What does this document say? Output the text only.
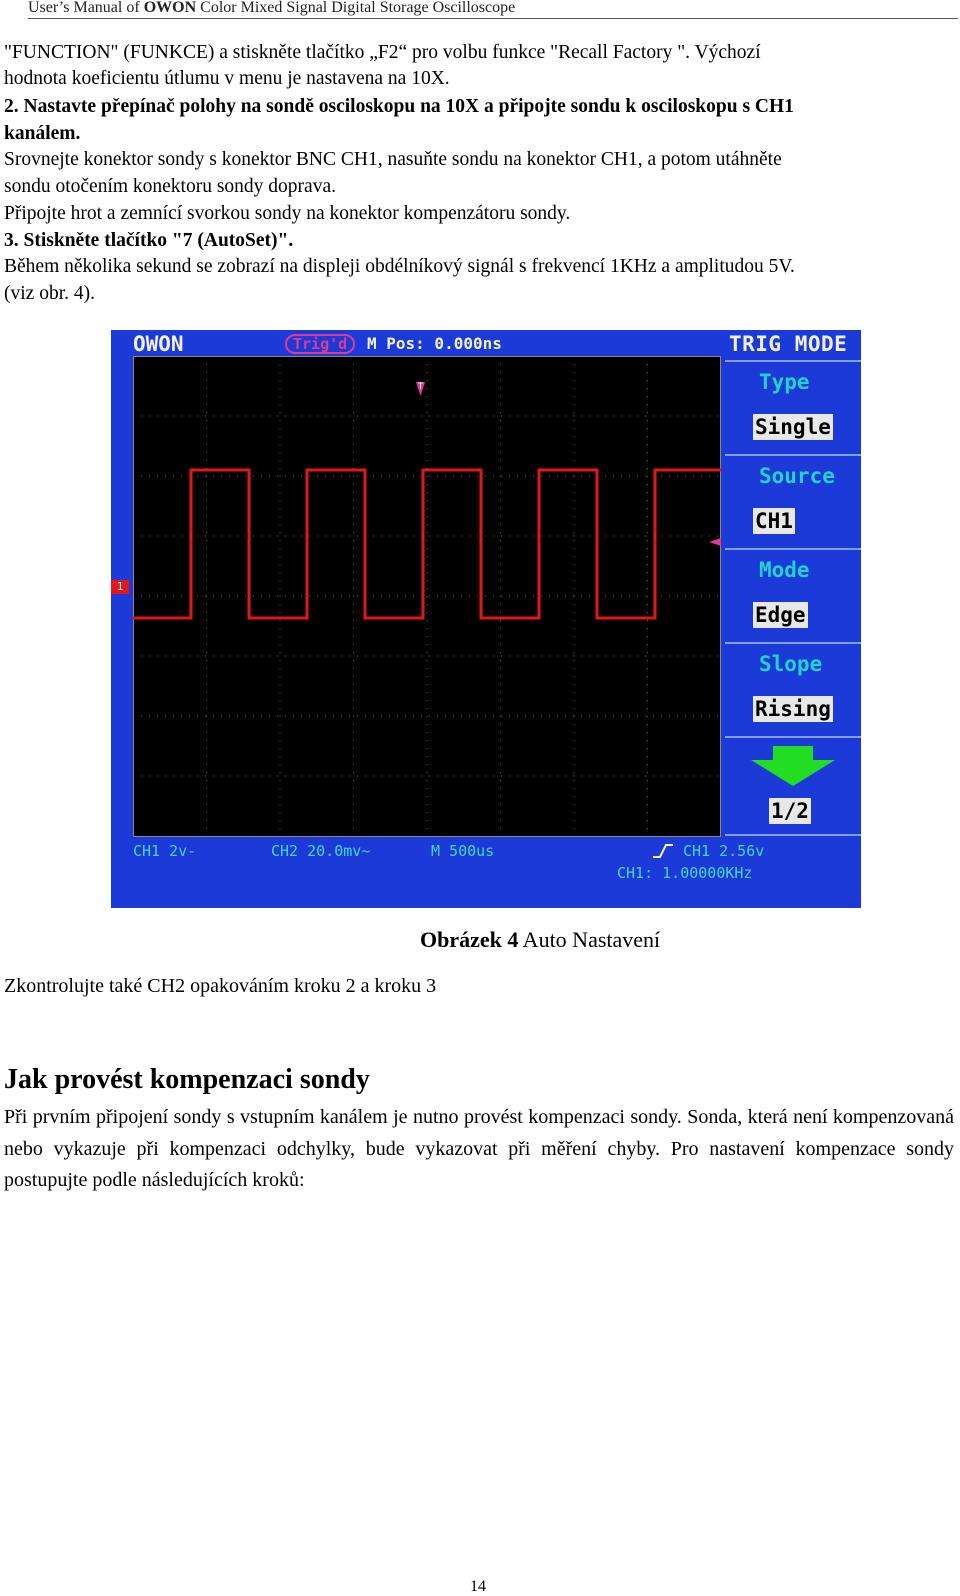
User’s Manual of OWON Color Mixed Signal Digital Storage Oscilloscope

"FUNCTION" (FUNKCE) a stiskněte tlačítko „F2“ pro volbu funkce "Recall Factory ". Výchozí

hodnota koeficientu útlumu v menu je nastavena na 10X.

2. Nastavte přepínač polohy na sondě osciloskopu na 10X a připojte sondu k osciloskopu s CH1

kanálem.

Srovnejte konektor sondy s konektor BNC CH1, nasuňte sondu na konektor CH1, a potom utáhněte

sondu otočením konektoru sondy doprava.

Připojte hrot a zemnící svorkou sondy na konektor kompenzátoru sondy.

3. Stiskněte tlačítko "7 (AutoSet)".

Během několika sekund se zobrazí na displeji obdélníkový signál s frekvencí 1KHz a amplitudou 5V.

(viz obr. 4).

OWON	Trig'd	M Pos: 0.000ns
T
1
TRIG MODE
Type
Single
Source
CH1
Mode
Edge
Slope
Rising
1/2
CH1 2v-	CH2 20.0mv~	M 500us	CH1 2.56v
CH1: 1.00000KHz
Obrázek 4 Auto Nastavení

Zkontrolujte také CH2 opakováním kroku 2 a kroku 3

Jak provést kompenzaci sondy

Při prvním připojení sondy s vstupním kanálem je nutno provést kompenzaci sondy. Sonda, která není kompenzovaná nebo vykazuje při kompenzaci odchylky, bude vykazovat při měření chyby. Pro nastavení kompenzace sondy postupujte podle následujících kroků:

14
